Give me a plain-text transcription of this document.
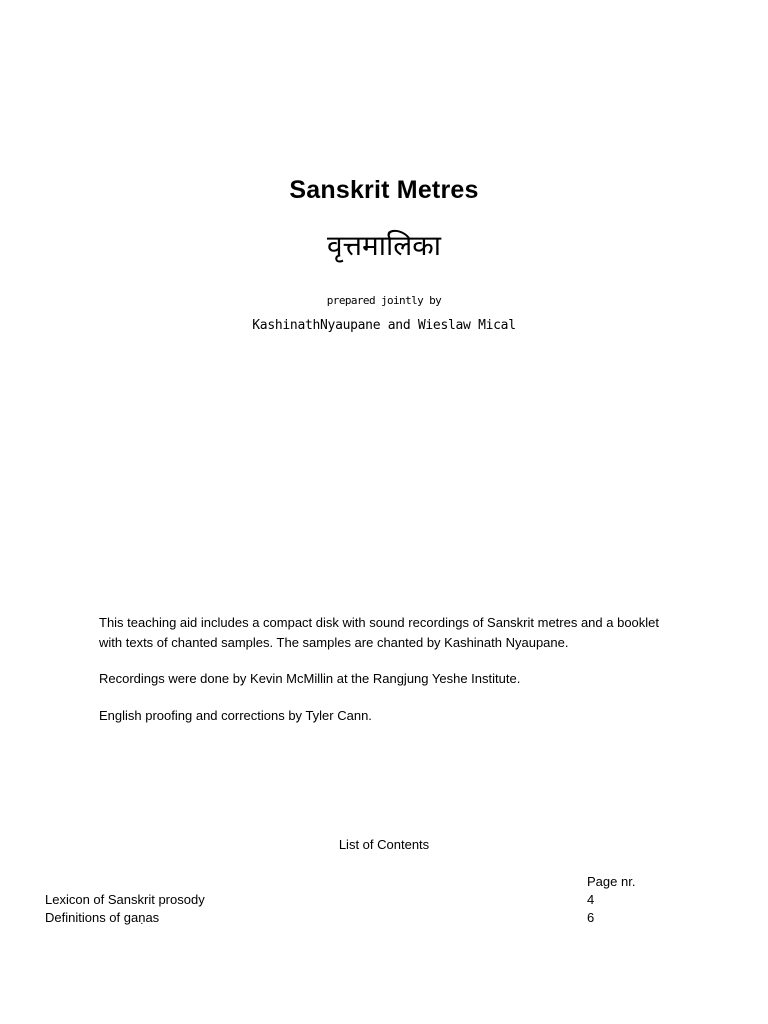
Sanskrit Metres
वृत्तमालिका
prepared jointly by
KashinathNyaupane and Wieslaw Mical
This teaching aid includes a compact disk with sound recordings of Sanskrit metres and a booklet with texts of chanted samples. The samples are chanted by Kashinath Nyaupane.
Recordings were done by Kevin McMillin at the Rangjung Yeshe Institute.
English proofing and corrections by Tyler Cann.
List of Contents
Page nr.
Lexicon of Sanskrit prosody	4
Definitions of gaṇas	6
